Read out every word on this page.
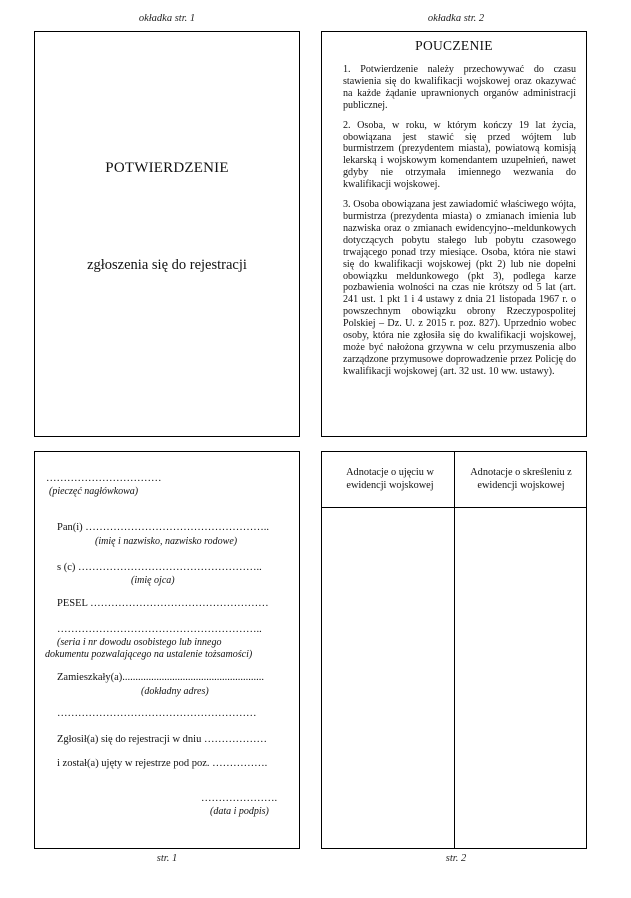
okładka str. 1	okładka str. 2
str. 1	str. 2
POTWIERDZENIE
zgłoszenia się do rejestracji
POUCZENIE

1. Potwierdzenie należy przechowywać do czasu stawienia się do kwalifikacji wojskowej oraz okazywać na każde żądanie uprawnionych organów administracji publicznej.

2. Osoba, w roku, w którym kończy 19 lat życia, obowiązana jest stawić się przed wójtem lub burmistrzem (prezydentem miasta), powiatową komisją lekarską i wojskowym komendantem uzupełnień, nawet gdyby nie otrzymała imiennego wezwania do kwalifikacji wojskowej.

3. Osoba obowiązana jest zawiadomić właściwego wójta, burmistrza (prezydenta miasta) o zmianach imienia lub nazwiska oraz o zmianach ewidencyjno--meldunkowych dotyczących pobytu stałego lub pobytu czasowego trwającego ponad trzy miesiące. Osoba, która nie stawi się do kwalifikacji wojskowej (pkt 2) lub nie dopełni obowiązku meldunkowego (pkt 3), podlega karze pozbawienia wolności na czas nie krótszy od 5 lat (art. 241 ust. 1 pkt 1 i 4 ustawy z dnia 21 listopada 1967 r. o powszechnym obowiązku obrony Rzeczypospolitej Polskiej – Dz. U. z 2015 r. poz. 827). Uprzednio wobec osoby, która nie zgłosiła się do kwalifikacji wojskowej, może być nałożona grzywna w celu przymuszenia albo zarządzone przymusowe doprowadzenie przez Policję do kwalifikacji wojskowej (art. 32 ust. 10 ww. ustawy).

……………………………
(pieczęć nagłówkowa)
Pan(i) ……………………………………………..
(imię i nazwisko, nazwisko rodowe)
s (c) ……………………………………………..
(imię ojca)
PESEL ……………………………………………
…………………………………………………..
(seria i nr dowodu osobistego lub innego
dokumentu pozwalającego na ustalenie tożsamości)
Zamieszkały(a)......................................................
(dokładny adres)
…………………………………………………
Zgłosił(a) się do rejestracji w dniu ………………
i został(a) ujęty w rejestrze pod poz. …………….
………………….
(data i podpis)
Adnotacje o ujęciu w ewidencji wojskowej
Adnotacje o skreśleniu z ewidencji wojskowej
